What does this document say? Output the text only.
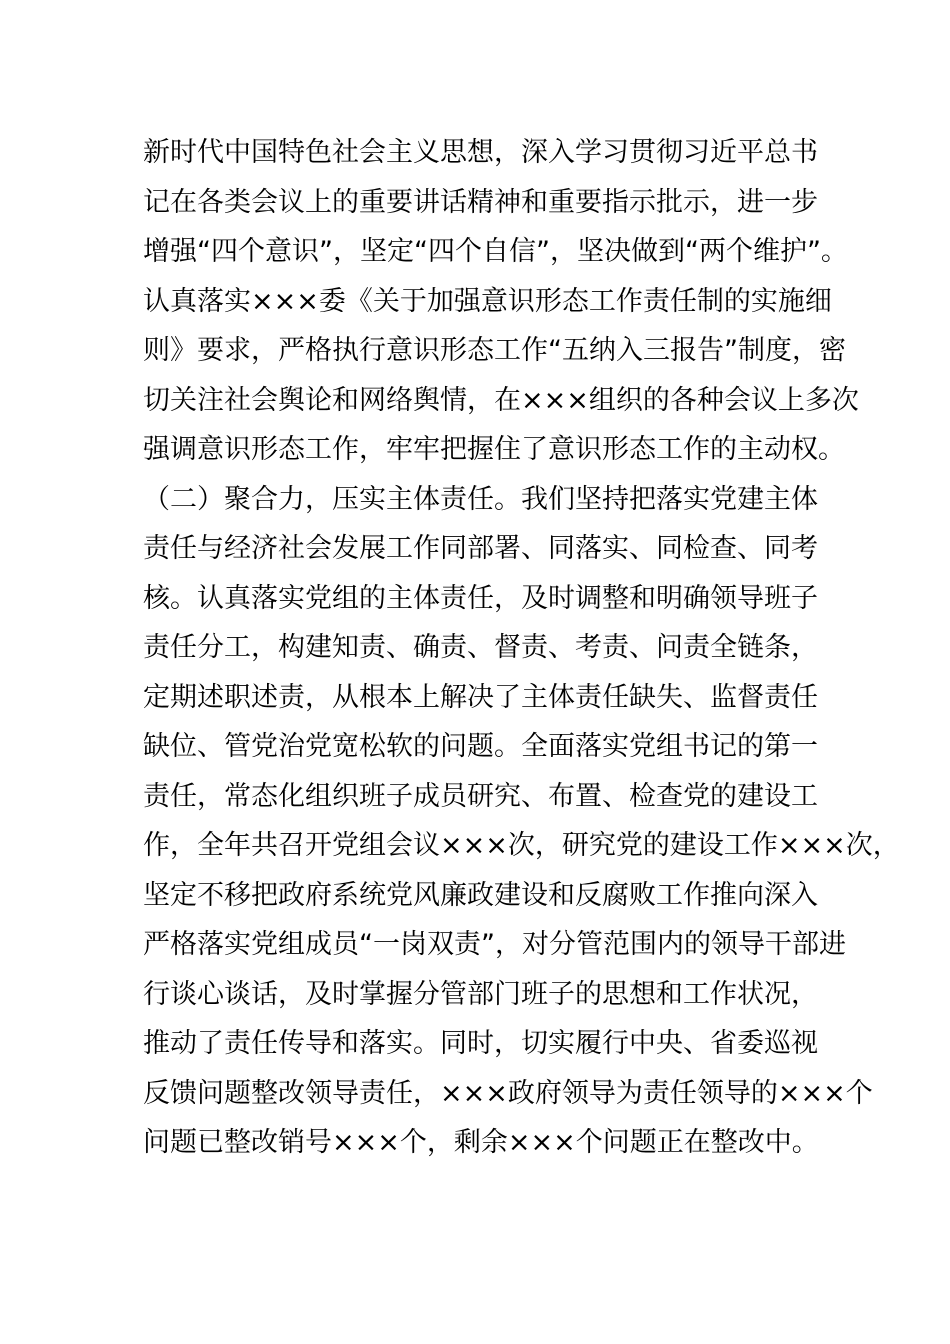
新时代中国特色社会主义思想，深入学习贯彻习近平总书
记在各类会议上的重要讲话精神和重要指示批示，进一步
增强“四个意识”，坚定“四个自信”，坚决做到“两个维护”。
认真落实×××委《关于加强意识形态工作责任制的实施细
则》要求，严格执行意识形态工作“五纳入三报告”制度，密
切关注社会舆论和网络舆情，在×××组织的各种会议上多次
强调意识形态工作，牢牢把握住了意识形态工作的主动权。
（二）聚合力，压实主体责任。我们坚持把落实党建主体
责任与经济社会发展工作同部署、同落实、同检查、同考
核。认真落实党组的主体责任，及时调整和明确领导班子
责任分工，构建知责、确责、督责、考责、问责全链条，
定期述职述责，从根本上解决了主体责任缺失、监督责任
缺位、管党治党宽松软的问题。全面落实党组书记的第一
责任，常态化组织班子成员研究、布置、检查党的建设工
作，全年共召开党组会议×××次，研究党的建设工作×××次，
坚定不移把政府系统党风廉政建设和反腐败工作推向深入
严格落实党组成员“一岗双责”，对分管范围内的领导干部进
行谈心谈话，及时掌握分管部门班子的思想和工作状况，
推动了责任传导和落实。同时，切实履行中央、省委巡视
反馈问题整改领导责任，×××政府领导为责任领导的×××个
问题已整改销号×××个，剩余×××个问题正在整改中。
